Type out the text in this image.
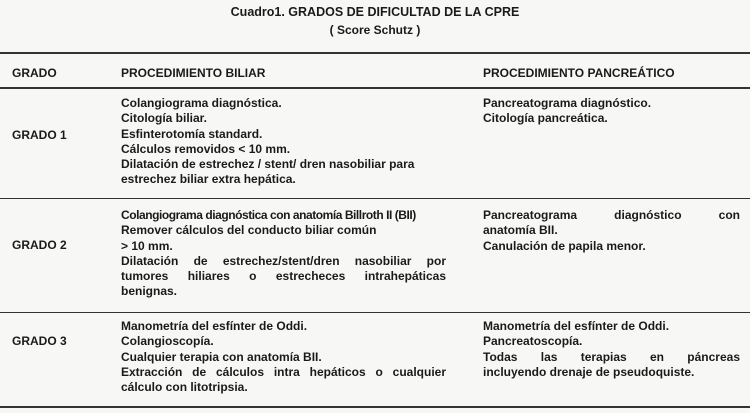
Cuadro1. GRADOS DE DIFICULTAD DE LA CPRE
( Score Schutz )
GRADO	PROCEDIMIENTO BILIAR	PROCEDIMIENTO PANCREÁTICO
GRADO 1
Colangiograma diagnóstica.
Citología biliar.
Esfinterotomía standard.
Cálculos removidos < 10 mm.
Dilatación de estrechez / stent/ dren nasobiliar para
estrechez biliar extra hepática.
Pancreatograma diagnóstico.
Citología pancreática.
GRADO 2
Colangiograma diagnóstica con anatomía Billroth II (BII)
Remover cálculos del conducto biliar común
> 10 mm.
Dilatación de estrechez/stent/dren nasobiliar por
tumores hiliares o estrecheces intrahepáticas
benignas.
Pancreatograma diagnóstico con
anatomía BII.
Canulación de papila menor.
GRADO 3
Manometría del esfínter de Oddi.
Colangioscopía.
Cualquier terapia con anatomía BII.
Extracción de cálculos intra hepáticos o cualquier
cálculo con litotripsia.
Manometría del esfínter de Oddi.
Pancreatoscopía.
Todas las terapias en páncreas
incluyendo drenaje de pseudoquiste.
